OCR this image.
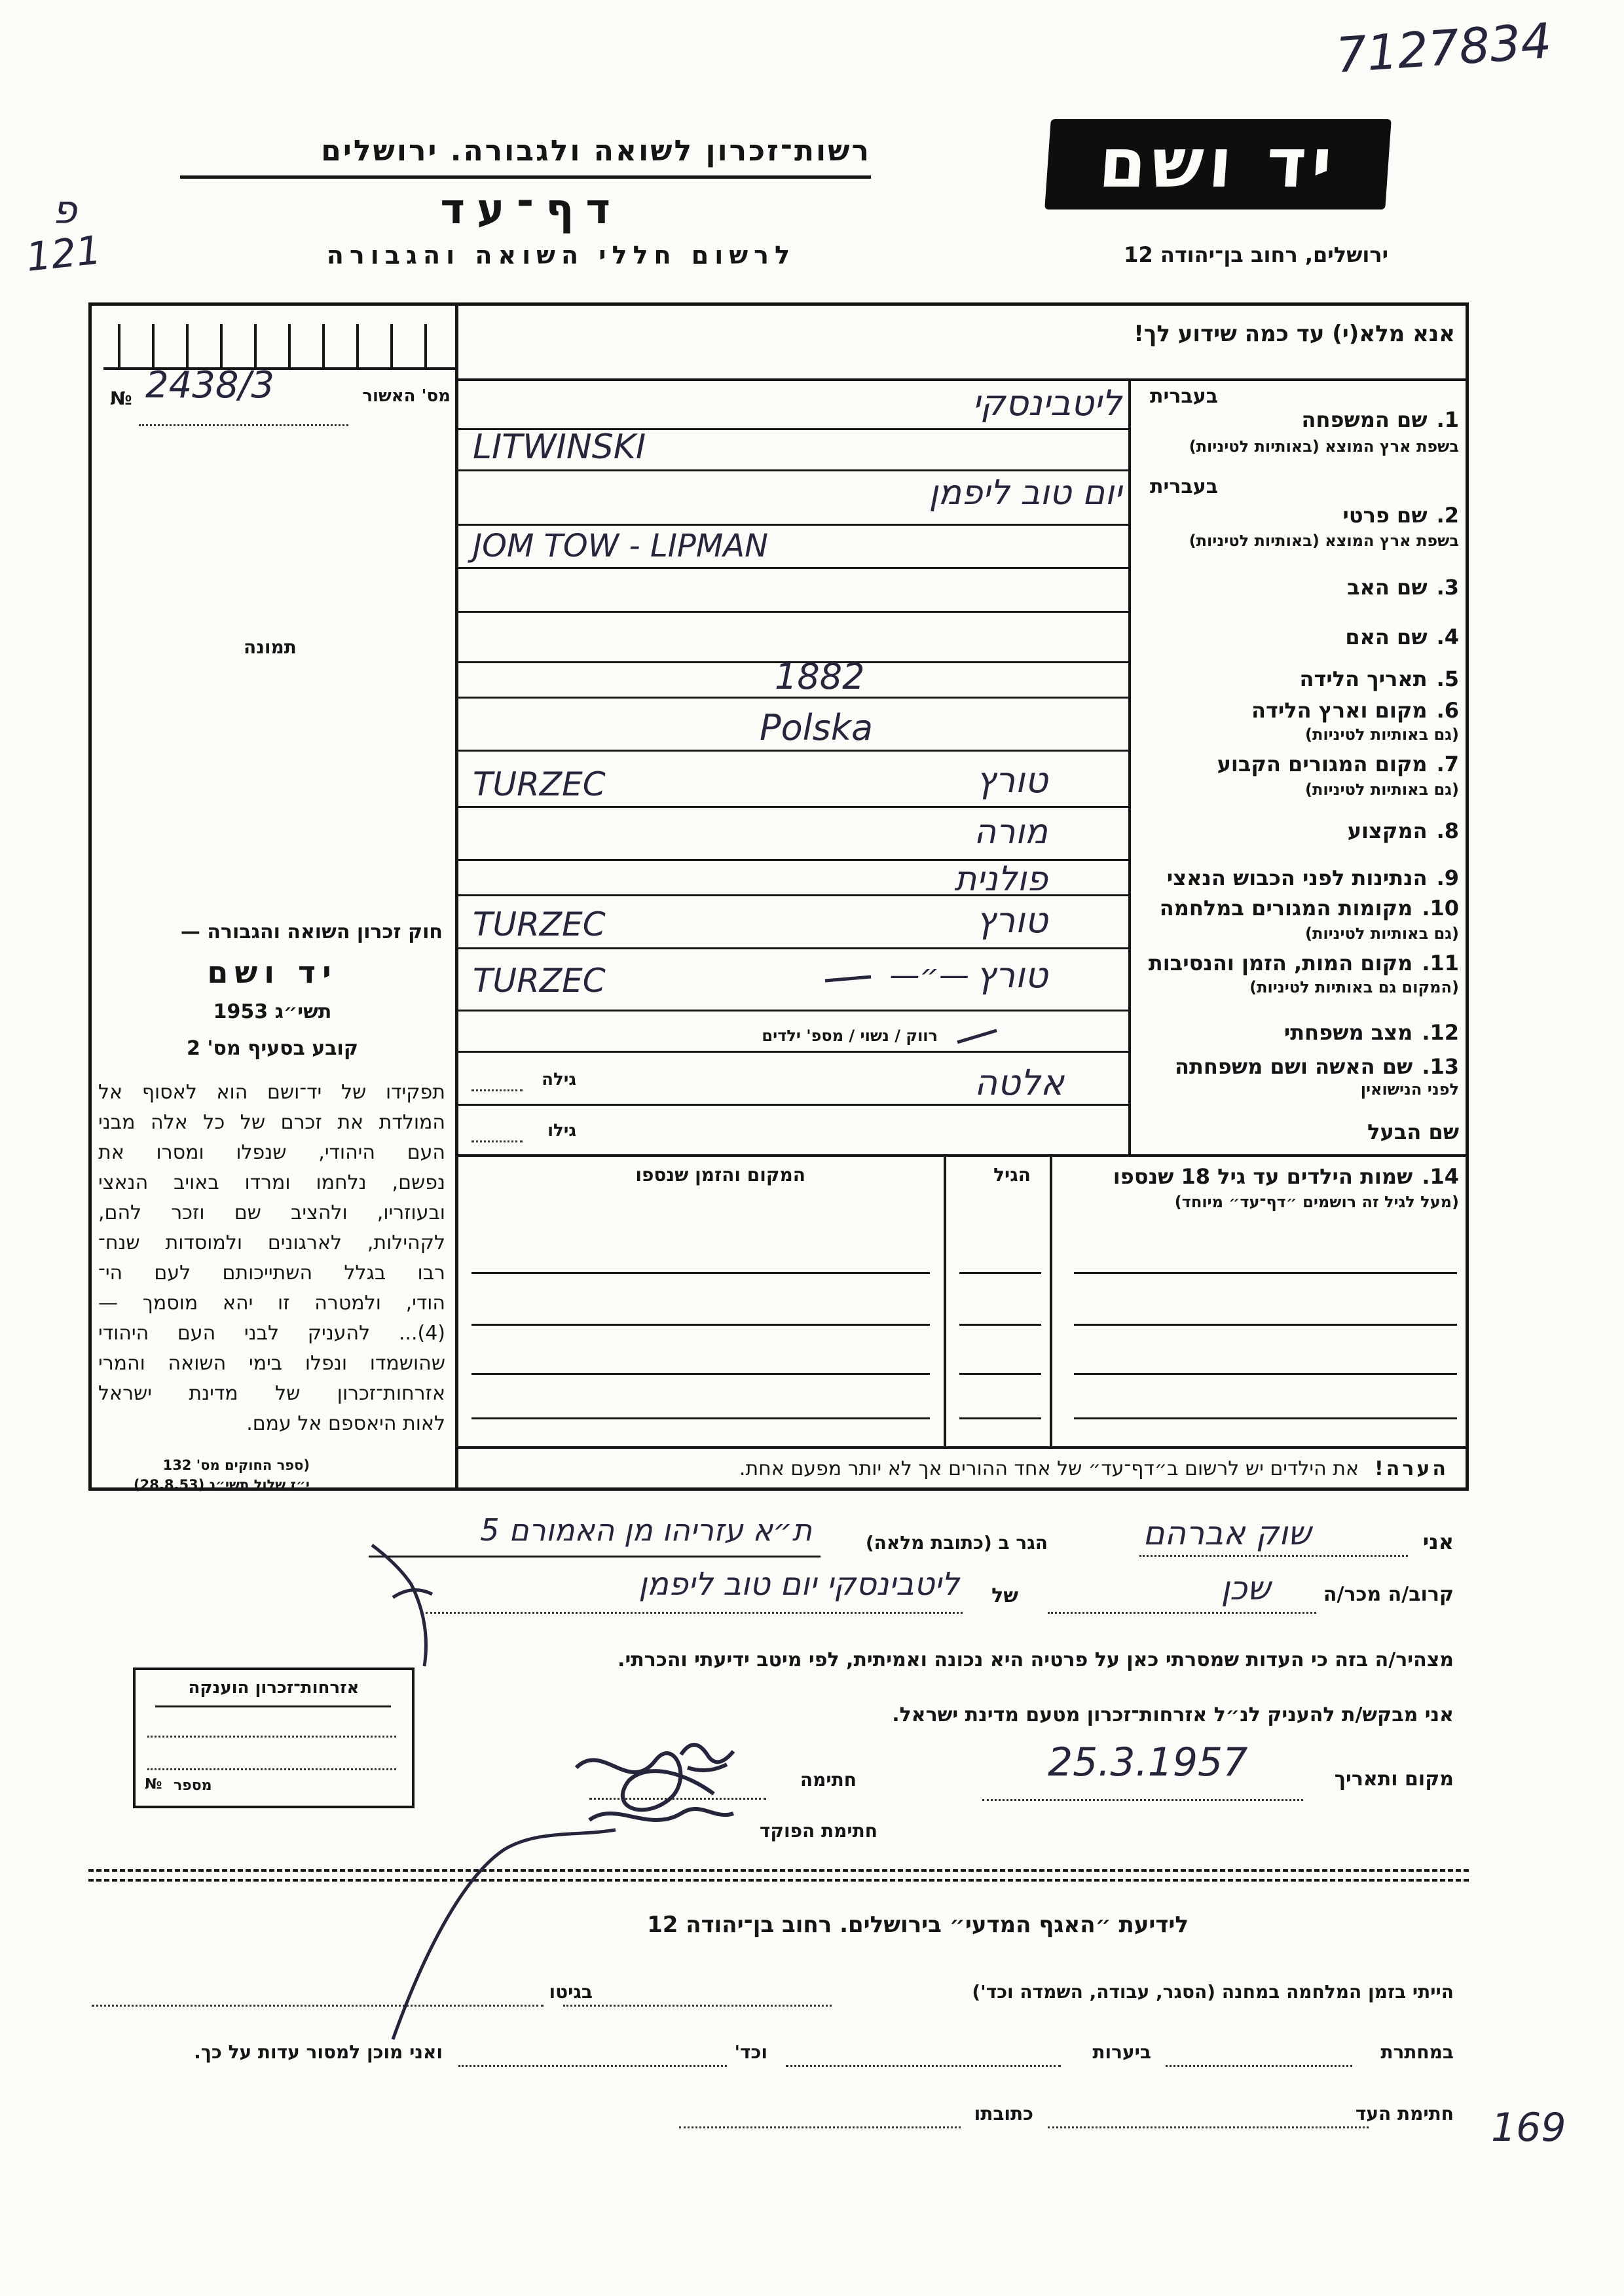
רשות־זכרון לשואה ולגבורה. ירושלים
דף־עד
לרשום חללי השואה והגבורה
יד ושם
ירושלים, רחוב בן־יהודה 12
7127834
פ
121
אנא מלא(י) עד כמה שידוע לך!
מס' האשור
№ 2438/3
תמונה
בעברית
1.שם המשפחה
בשפת ארץ המוצא (באותיות לטיניות)
ליטבינסקי
LITWINSKI
בעברית
2.שם פרטי
בשפת ארץ המוצא (באותיות לטיניות)
יום טוב ליפמן
JOM TOW - LIPMAN
3.שם האב
4.שם האם
5.תאריך הלידה
1882
6.מקום וארץ הלידה
(גם באותיות לטיניות)
Polska
7.מקום המגורים הקבוע
(גם באותיות לטיניות)
TURZEC	טורץ
8.המקצוע
מורה
9.הנתינות לפני הכבוש הנאצי
פולנית
10.מקומות המגורים במלחמה
(גם באותיות לטיניות)
TURZEC	טורץ
11.מקום המות, הזמן והנסיבות
(המקום גם באותיות לטיניות)
TURZEC	טורץ
—״—
12.מצב משפחתי
רווק / נשוי / מספ' ילדים
13.שם האשה ושם משפחתה
לפני הנישואין
אלטה
גילה
שם הבעל
גילו
14.שמות הילדים עד גיל 18 שנספו
(מעל לגיל זה רושמים ״דף־עד״ מיוחד)
הגיל
המקום והזמן שנספו
הערה!את הילדים יש לרשום ב״דף־עד״ של אחד ההורים אך לא יותר מפעם אחת.
חוק זכרון השואה והגבורה —
יד ושם
תשי״ג 1953
קובע בסעיף מס' 2
תפקידו של יד־ושם הוא לאסוף אל
המולדת את זכרם של כל אלה מבני
העם היהודי, שנפלו ומסרו את
נפשם, נלחמו ומרדו באויב הנאצי
ובעוזריו, ולהציב שם וזכר להם,
לקהילות, לארגונים ולמוסדות שנח־
רבו בגלל השתייכותם לעם הי־
הודי, ולמטרה זו יהא מוסמך —
(4)... להעניק לבני העם היהודי
שהושמדו ונפלו בימי השואה והמרי
אזרחות־זכרון של מדינת ישראל
לאות היאספם אל עמם.
(ספר החוקים מס' 132
י״ז שלול תשי״ג (28.8.53)
אני
שוק אברהם
הגר ב (כתובת מלאה)
ת״א עזריהו מן האמורם 5
קרוב/ה מכר/ה
שכן
של
ליטבינסקי יום טוב ליפמן
מצהיר/ה בזה כי העדות שמסרתי כאן על פרטיה היא נכונה ואמיתית, לפי מיטב ידיעתי והכרתי.
אני מבקש/ת להעניק לנ״ל אזרחות־זכרון מטעם מדינת ישראל.
מקום ותאריך
25.3.1957
חתימה
חתימת הפוקד
אזרחות־זכרון הוענקה
№ מספר
לידיעת ״האגף המדעי״ בירושלים. רחוב בן־יהודה 12
הייתי בזמן המלחמה במחנה (הסגר, עבודה, השמדה וכד')
בגיטו
במחתרת
ביערות
וכד'
ואני מוכן למסור עדות על כך.
חתימת העד
כתובתו	169
